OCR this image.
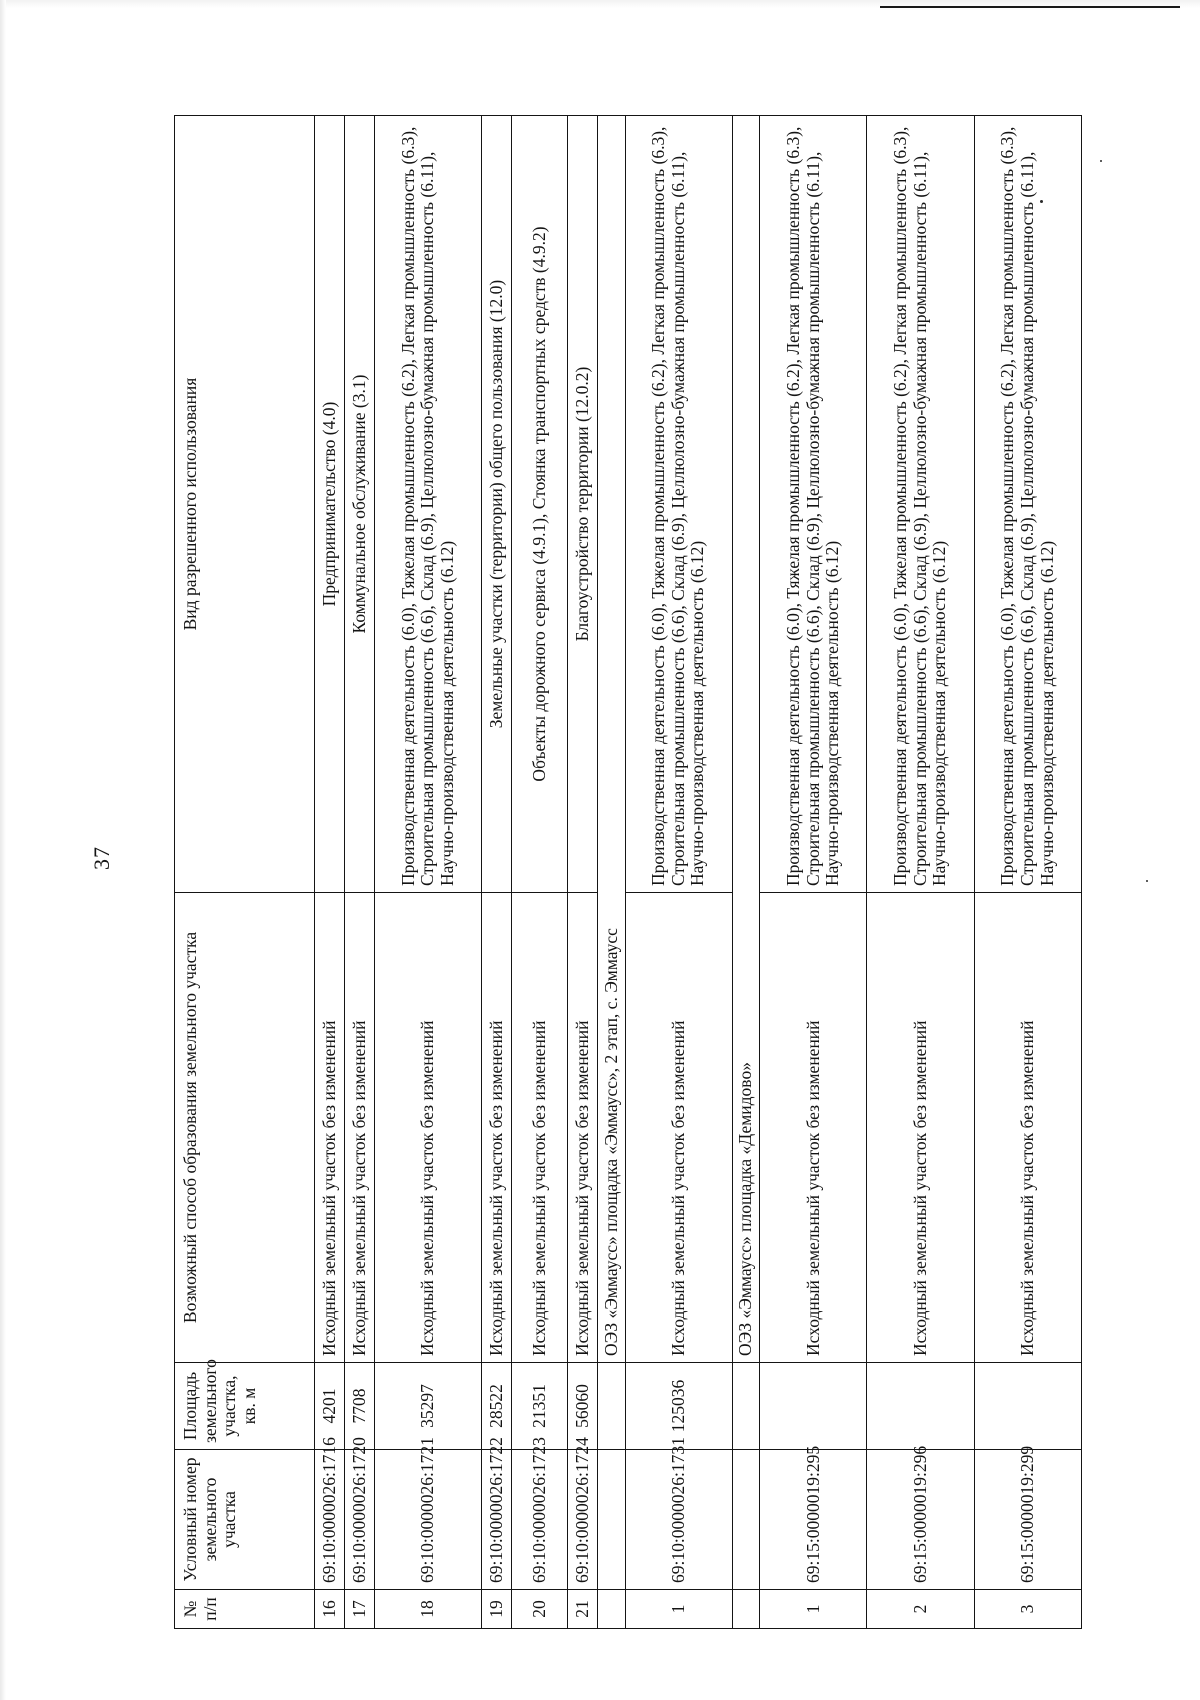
37
№ п/п	Условный номер земельного участка	Площадь земельного участка, кв. м	Возможный способ образования земельного участка	Вид разрешенного использования
16	69:10:0000026:1716	4201	Исходный земельный участок без изменений	Предпринимательство (4.0)
17	69:10:0000026:1720	7708	Исходный земельный участок без изменений	Коммунальное обслуживание (3.1)
18	69:10:0000026:1721	35297	Исходный земельный участок без изменений	Производственная деятельность (6.0), Тяжелая промышленность (6.2), Легкая промышленность (6.3), Строительная промышленность (6.6), Склад (6.9), Целлюлозно-бумажная промышленность (6.11), Научно-производственная деятельность (6.12)
19	69:10:0000026:1722	28522	Исходный земельный участок без изменений	Земельные участки (территории) общего пользования (12.0)
20	69:10:0000026:1723	21351	Исходный земельный участок без изменений	Объекты дорожного сервиса (4.9.1), Стоянка транспортных средств (4.9.2)
21	69:10:0000026:1724	56060	Исходный земельный участок без изменений	Благоустройство территории (12.0.2)
			ОЭЗ «Эммаусс» площадка «Эммаусс», 2 этап, с. Эммаусс	
1	69:10:0000026:1731	125036	Исходный земельный участок без изменений	Производственная деятельность (6.0), Тяжелая промышленность (6.2), Легкая промышленность (6.3), Строительная промышленность (6.6), Склад (6.9), Целлюлозно-бумажная промышленность (6.11), Научно-производственная деятельность (6.12)
			ОЭЗ «Эммаусс» площадка «Демидово»	
1	69:15:0000019:295		Исходный земельный участок без изменений	Производственная деятельность (6.0), Тяжелая промышленность (6.2), Легкая промышленность (6.3), Строительная промышленность (6.6), Склад (6.9), Целлюлозно-бумажная промышленность (6.11), Научно-производственная деятельность (6.12)
2	69:15:0000019:296		Исходный земельный участок без изменений	Производственная деятельность (6.0), Тяжелая промышленность (6.2), Легкая промышленность (6.3), Строительная промышленность (6.6), Склад (6.9), Целлюлозно-бумажная промышленность (6.11), Научно-производственная деятельность (6.12)
3	69:15:0000019:299		Исходный земельный участок без изменений	Производственная деятельность (6.0), Тяжелая промышленность (6.2), Легкая промышленность (6.3), Строительная промышленность (6.6), Склад (6.9), Целлюлозно-бумажная промышленность (6.11), Научно-производственная деятельность (6.12)
